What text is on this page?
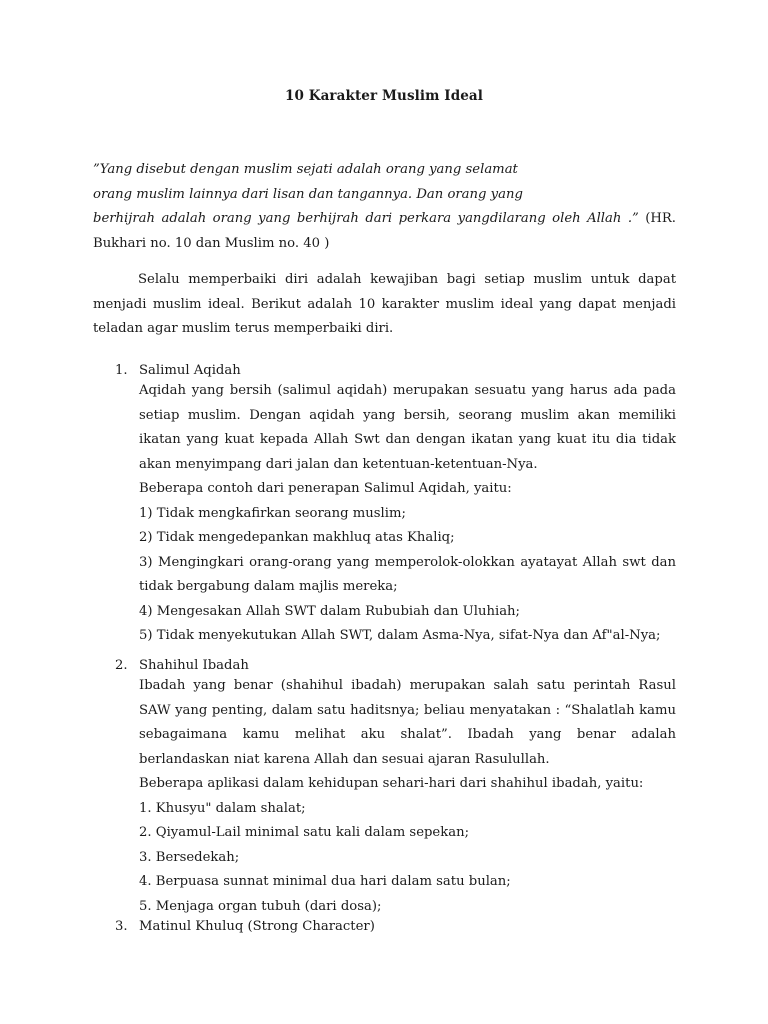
10 Karakter Muslim Ideal
”Yang disebut dengan muslim sejati adalah orang yang selamat
orang muslim lainnya dari lisan dan tangannya. Dan orang yang
berhijrah adalah orang yang berhijrah dari perkara yangdilarang oleh Allah .” (HR.
Bukhari no. 10 dan Muslim no. 40 )

Selalu memperbaiki diri adalah kewajiban bagi setiap muslim untuk dapat menjadi muslim ideal. Berikut adalah 10 karakter muslim ideal yang dapat menjadi teladan agar muslim terus memperbaiki diri.

1. Salimul Aqidah

Aqidah yang bersih (salimul aqidah) merupakan sesuatu yang harus ada pada setiap muslim. Dengan aqidah yang bersih, seorang muslim akan memiliki ikatan yang kuat kepada Allah Swt dan dengan ikatan yang kuat itu dia tidak akan menyimpang dari jalan dan ketentuan-ketentuan-Nya.

Beberapa contoh dari penerapan Salimul Aqidah, yaitu:
1) Tidak mengkafirkan seorang muslim;
2) Tidak mengedepankan makhluq atas Khaliq;
3) Mengingkari orang-orang yang memperolok-olokkan ayatayat Allah swt dan tidak bergabung dalam majlis mereka;
4) Mengesakan Allah SWT dalam Rububiah dan Uluhiah;
5) Tidak menyekutukan Allah SWT, dalam Asma-Nya, sifat-Nya dan Af"al-Nya;
2. Shahihul Ibadah

Ibadah yang benar (shahihul ibadah) merupakan salah satu perintah Rasul SAW yang penting, dalam satu haditsnya; beliau menyatakan : “Shalatlah kamu sebagaimana kamu melihat aku shalat”. Ibadah yang benar adalah berlandaskan niat karena Allah dan sesuai ajaran Rasulullah.

Beberapa aplikasi dalam kehidupan sehari-hari dari shahihul ibadah, yaitu:
1. Khusyu" dalam shalat;
2. Qiyamul-Lail minimal satu kali dalam sepekan;
3. Bersedekah;
4. Berpuasa sunnat minimal dua hari dalam satu bulan;
5. Menjaga organ tubuh (dari dosa);
3. Matinul Khuluq (Strong Character)
